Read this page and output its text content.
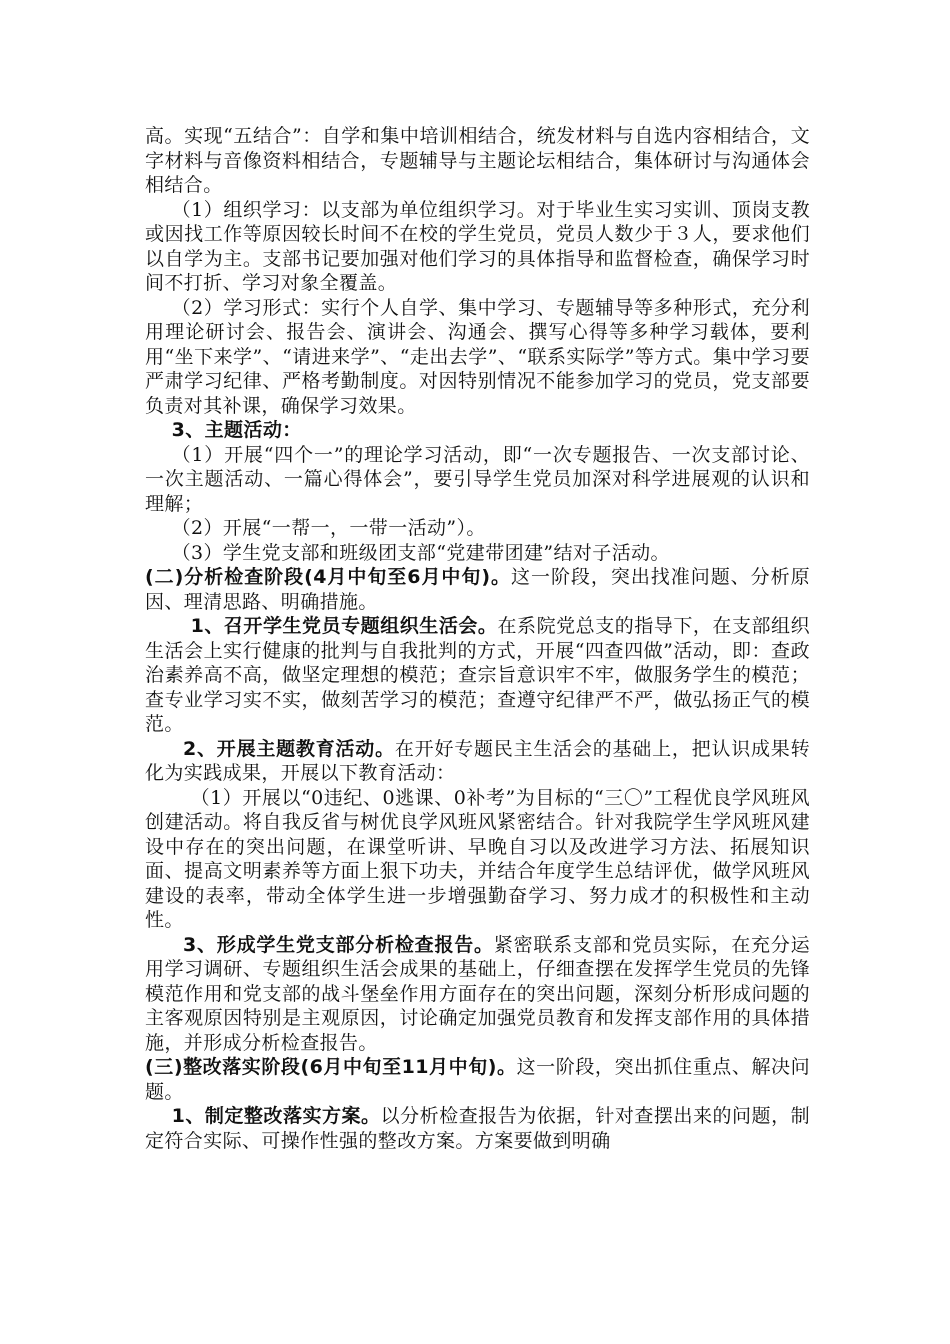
高。实现“五结合”：自学和集中培训相结合，统发材料与自选内容相结合，文字材料与音像资料相结合，专题辅导与主题论坛相结合，集体研讨与沟通体会相结合。

（1）组织学习：以支部为单位组织学习。对于毕业生实习实训、顶岗支教或因找工作等原因较长时间不在校的学生党员，党员人数少于３人，要求他们以自学为主。支部书记要加强对他们学习的具体指导和监督检查，确保学习时间不打折、学习对象全覆盖。

（2）学习形式：实行个人自学、集中学习、专题辅导等多种形式，充分利用理论研讨会、报告会、演讲会、沟通会、撰写心得等多种学习载体，要利用“坐下来学”、“请进来学”、“走出去学”、“联系实际学”等方式。集中学习要严肃学习纪律、严格考勤制度。对因特别情况不能参加学习的党员，党支部要负责对其补课，确保学习效果。

3、主题活动：

（1）开展“四个一”的理论学习活动，即“一次专题报告、一次支部讨论、一次主题活动、一篇心得体会”，要引导学生党员加深对科学进展观的认识和理解；

（2）开展“一帮一，一带一活动”）。

（3）学生党支部和班级团支部“党建带团建”结对子活动。

(二)分析检查阶段(4月中旬至6月中旬)。这一阶段，突出找准问题、分析原因、理清思路、明确措施。

1、召开学生党员专题组织生活会。在系院党总支的指导下，在支部组织生活会上实行健康的批判与自我批判的方式，开展“四查四做”活动，即：查政治素养高不高，做坚定理想的模范；查宗旨意识牢不牢，做服务学生的模范；查专业学习实不实，做刻苦学习的模范；查遵守纪律严不严，做弘扬正气的模范。

2、开展主题教育活动。在开好专题民主生活会的基础上，把认识成果转化为实践成果，开展以下教育活动：

（1）开展以“0违纪、0逃课、0补考”为目标的“三〇”工程优良学风班风创建活动。将自我反省与树优良学风班风紧密结合。针对我院学生学风班风建设中存在的突出问题，在课堂听讲、早晚自习以及改进学习方法、拓展知识面、提高文明素养等方面上狠下功夫，并结合年度学生总结评优，做学风班风建设的表率，带动全体学生进一步增强勤奋学习、努力成才的积极性和主动性。

3、形成学生党支部分析检查报告。紧密联系支部和党员实际，在充分运用学习调研、专题组织生活会成果的基础上，仔细查摆在发挥学生党员的先锋模范作用和党支部的战斗堡垒作用方面存在的突出问题，深刻分析形成问题的主客观原因特别是主观原因，讨论确定加强党员教育和发挥支部作用的具体措施，并形成分析检查报告。

(三)整改落实阶段(6月中旬至11月中旬)。这一阶段，突出抓住重点、解决问题。

1、制定整改落实方案。以分析检查报告为依据，针对查摆出来的问题，制定符合实际、可操作性强的整改方案。方案要做到明确
